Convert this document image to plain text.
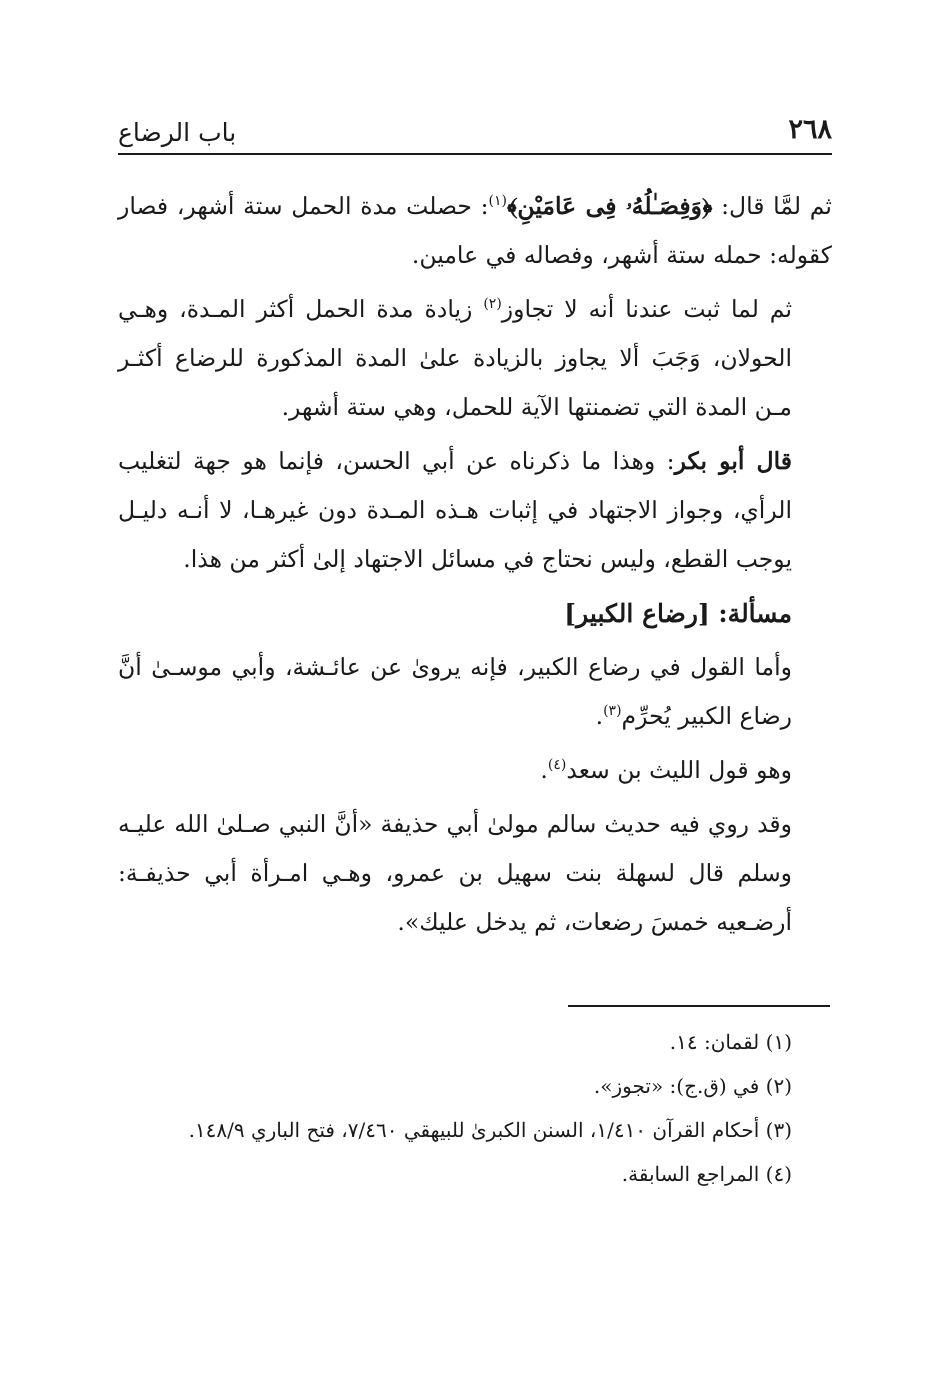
٢٦٨
باب الرضاع

ثم لمَّا قال: ﴿وَفِصَـٰلُهُۥ فِى عَامَيْنِ﴾$^{(١)}$: حصلت مدة الحمل ستة أشهر، فصار كقوله: حمله ستة أشهر، وفصاله في عامين.

ثم لما ثبت عندنا أنه لا تجاوز$^{(٢)}$ زيادة مدة الحمل أكثر المـدة، وهـي الحولان، وَجَبَ ألا يجاوز بالزيادة علىٰ المدة المذكورة للرضاع أكثـر مـن المدة التي تضمنتها الآية للحمل، وهي ستة أشهر.

قال أبو بكر: وهذا ما ذكرناه عن أبي الحسن، فإنما هو جهة لتغليب الرأي، وجواز الاجتهاد في إثبات هـذه المـدة دون غيرهـا، لا أنـه دليـل يوجب القطع، وليس نحتاج في مسائل الاجتهاد إلىٰ أكثر من هذا.

مسألة: [رضاع الكبير]

وأما القول في رضاع الكبير، فإنه يروىٰ عن عائـشة، وأبي موسـىٰ أنَّ رضاع الكبير يُحرِّم$^{(٣)}$.

وهو قول الليث بن سعد$^{(٤)}$.

وقد روي فيه حديث سالم مولىٰ أبي حذيفة «أنَّ النبي صـلىٰ الله عليـه وسلم قال لسهلة بنت سهيل بن عمرو، وهـي امـرأة أبي حذيفـة: أرضـعيه خمسَ رضعات، ثم يدخل عليك».

(١) لقمان: ١٤.

(٢) في (ق.ج): «تجوز».

(٣) أحكام القرآن ١/٤١٠، السنن الكبرىٰ للبيهقي ٧/٤٦٠، فتح الباري ١٤٨/٩.

(٤) المراجع السابقة.
